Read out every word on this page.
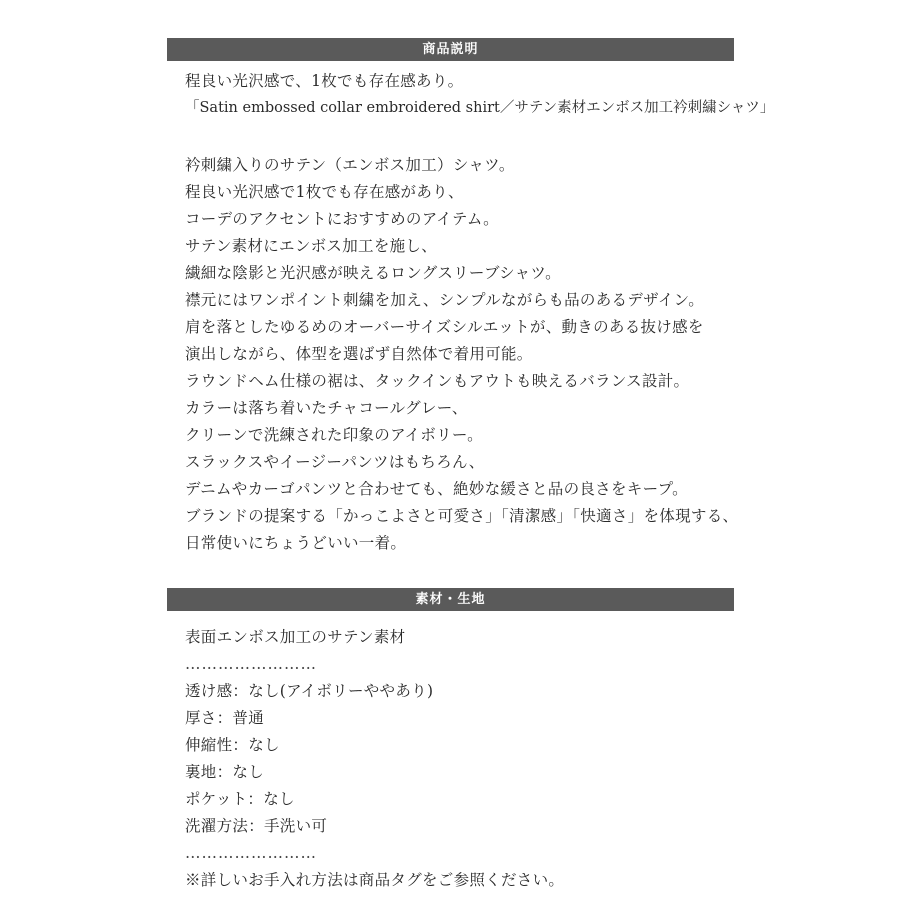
商品説明
程良い光沢感で、1枚でも存在感あり。
「Satin embossed collar embroidered shirt／サテン素材エンボス加工衿刺繍シャツ」
衿刺繍入りのサテン（エンボス加工）シャツ。
程良い光沢感で1枚でも存在感があり、
コーデのアクセントにおすすめのアイテム。
サテン素材にエンボス加工を施し、
繊細な陰影と光沢感が映えるロングスリーブシャツ。
襟元にはワンポイント刺繍を加え、シンプルながらも品のあるデザイン。
肩を落としたゆるめのオーバーサイズシルエットが、動きのある抜け感を
演出しながら、体型を選ばず自然体で着用可能。
ラウンドヘム仕様の裾は、タックインもアウトも映えるバランス設計。
カラーは落ち着いたチャコールグレー、
クリーンで洗練された印象のアイボリー。
スラックスやイージーパンツはもちろん、
デニムやカーゴパンツと合わせても、絶妙な緩さと品の良さをキープ。
ブランドの提案する「かっこよさと可愛さ」「清潔感」「快適さ」を体現する、
日常使いにちょうどいい一着。
素材・生地
表面エンボス加工のサテン素材
……………………
透け感：なし(アイボリーややあり)
厚さ：普通
伸縮性：なし
裏地：なし
ポケット：なし
洗濯方法：手洗い可
……………………
※詳しいお手入れ方法は商品タグをご参照ください。
